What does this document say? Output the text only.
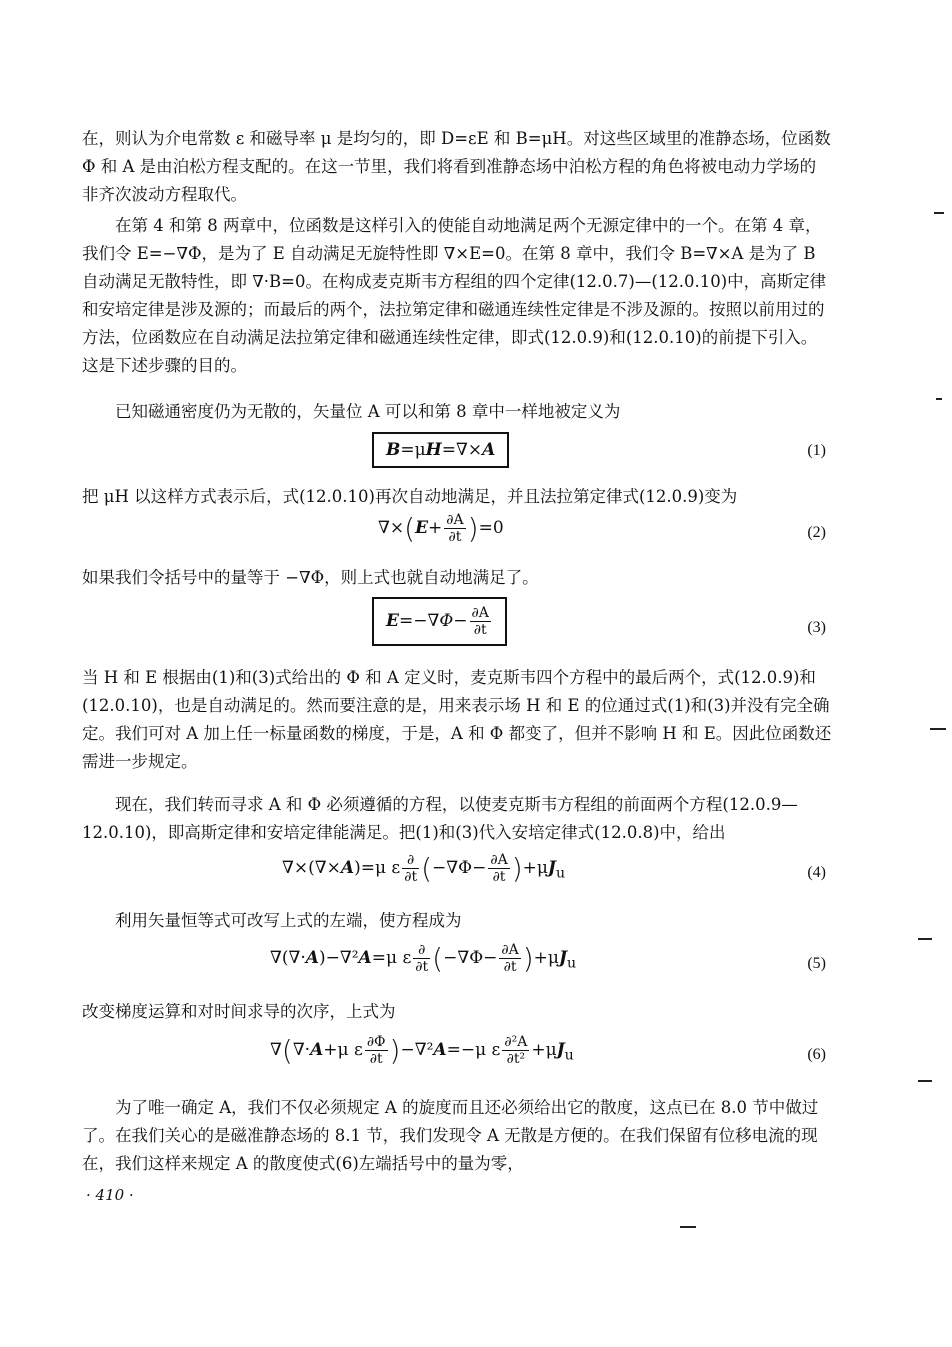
在，则认为介电常数 ε 和磁导率 μ 是均匀的，即 D=εE 和 B=μH。对这些区域里的准静态场，位函数 Φ 和 A 是由泊松方程支配的。在这一节里，我们将看到准静态场中泊松方程的角色将被电动力学场的非齐次波动方程取代。

在第 4 和第 8 两章中，位函数是这样引入的使能自动地满足两个无源定律中的一个。在第 4 章，我们令 E=−∇Φ，是为了 E 自动满足无旋特性即 ∇×E=0。在第 8 章中，我们令 B=∇×A 是为了 B 自动满足无散特性，即 ∇·B=0。在构成麦克斯韦方程组的四个定律(12.0.7)—(12.0.10)中，高斯定律和安培定律是涉及源的；而最后的两个，法拉第定律和磁通连续性定律是不涉及源的。按照以前用过的方法，位函数应在自动满足法拉第定律和磁通连续性定律，即式(12.0.9)和(12.0.10)的前提下引入。这是下述步骤的目的。

已知磁通密度仍为无散的，矢量位 A 可以和第 8 章中一样地被定义为

B=μH=∇×A	(1)

把 μH 以这样方式表示后，式(12.0.10)再次自动地满足，并且法拉第定律式(12.0.9)变为

$\nabla\times(E+ \frac{\partial A}{\partial t} )=0$	(2)

如果我们令括号中的量等于 −∇Φ，则上式也就自动地满足了。

$E=-\nabla\Phi- \frac{\partial A}{\partial t}$	(3)

当 H 和 E 根据由(1)和(3)式给出的 Φ 和 A 定义时，麦克斯韦四个方程中的最后两个，式(12.0.9)和(12.0.10)，也是自动满足的。然而要注意的是，用来表示场 H 和 E 的位通过式(1)和(3)并没有完全确定。我们可对 A 加上任一标量函数的梯度，于是，A 和 Φ 都变了，但并不影响 H 和 E。因此位函数还需进一步规定。

现在，我们转而寻求 A 和 Φ 必须遵循的方程，以使麦克斯韦方程组的前面两个方程(12.0.9—12.0.10)，即高斯定律和安培定律能满足。把(1)和(3)代入安培定律式(12.0.8)中，给出

∇×(∇×A)=μ ε $\frac{\partial}{\partial t} (-\nabla\Phi- \frac{\partial A}{\partial t} )+\mu J_u$	(4)

利用矢量恒等式可改写上式的左端，使方程成为

∇(∇·A)−∇²A=μ ε $\frac{\partial}{\partial t} (-\nabla\Phi- \frac{\partial A}{\partial t} )+\mu J_u$	(5)

改变梯度运算和对时间求导的次序，上式为

∇(∇·A+μ ε $\frac{\partial\Phi}{\partial t} )-\nabla^2A=-\mu$ ε $\frac{\text{∂²A}}{\text{∂t²}} +\mu J_u$	(6)

为了唯一确定 A，我们不仅必须规定 A 的旋度而且还必须给出它的散度，这点已在 8.0 节中做过了。在我们关心的是磁准静态场的 8.1 节，我们发现令 A 无散是方便的。在我们保留有位移电流的现在，我们这样来规定 A 的散度使式(6)左端括号中的量为零，

· 410 ·
